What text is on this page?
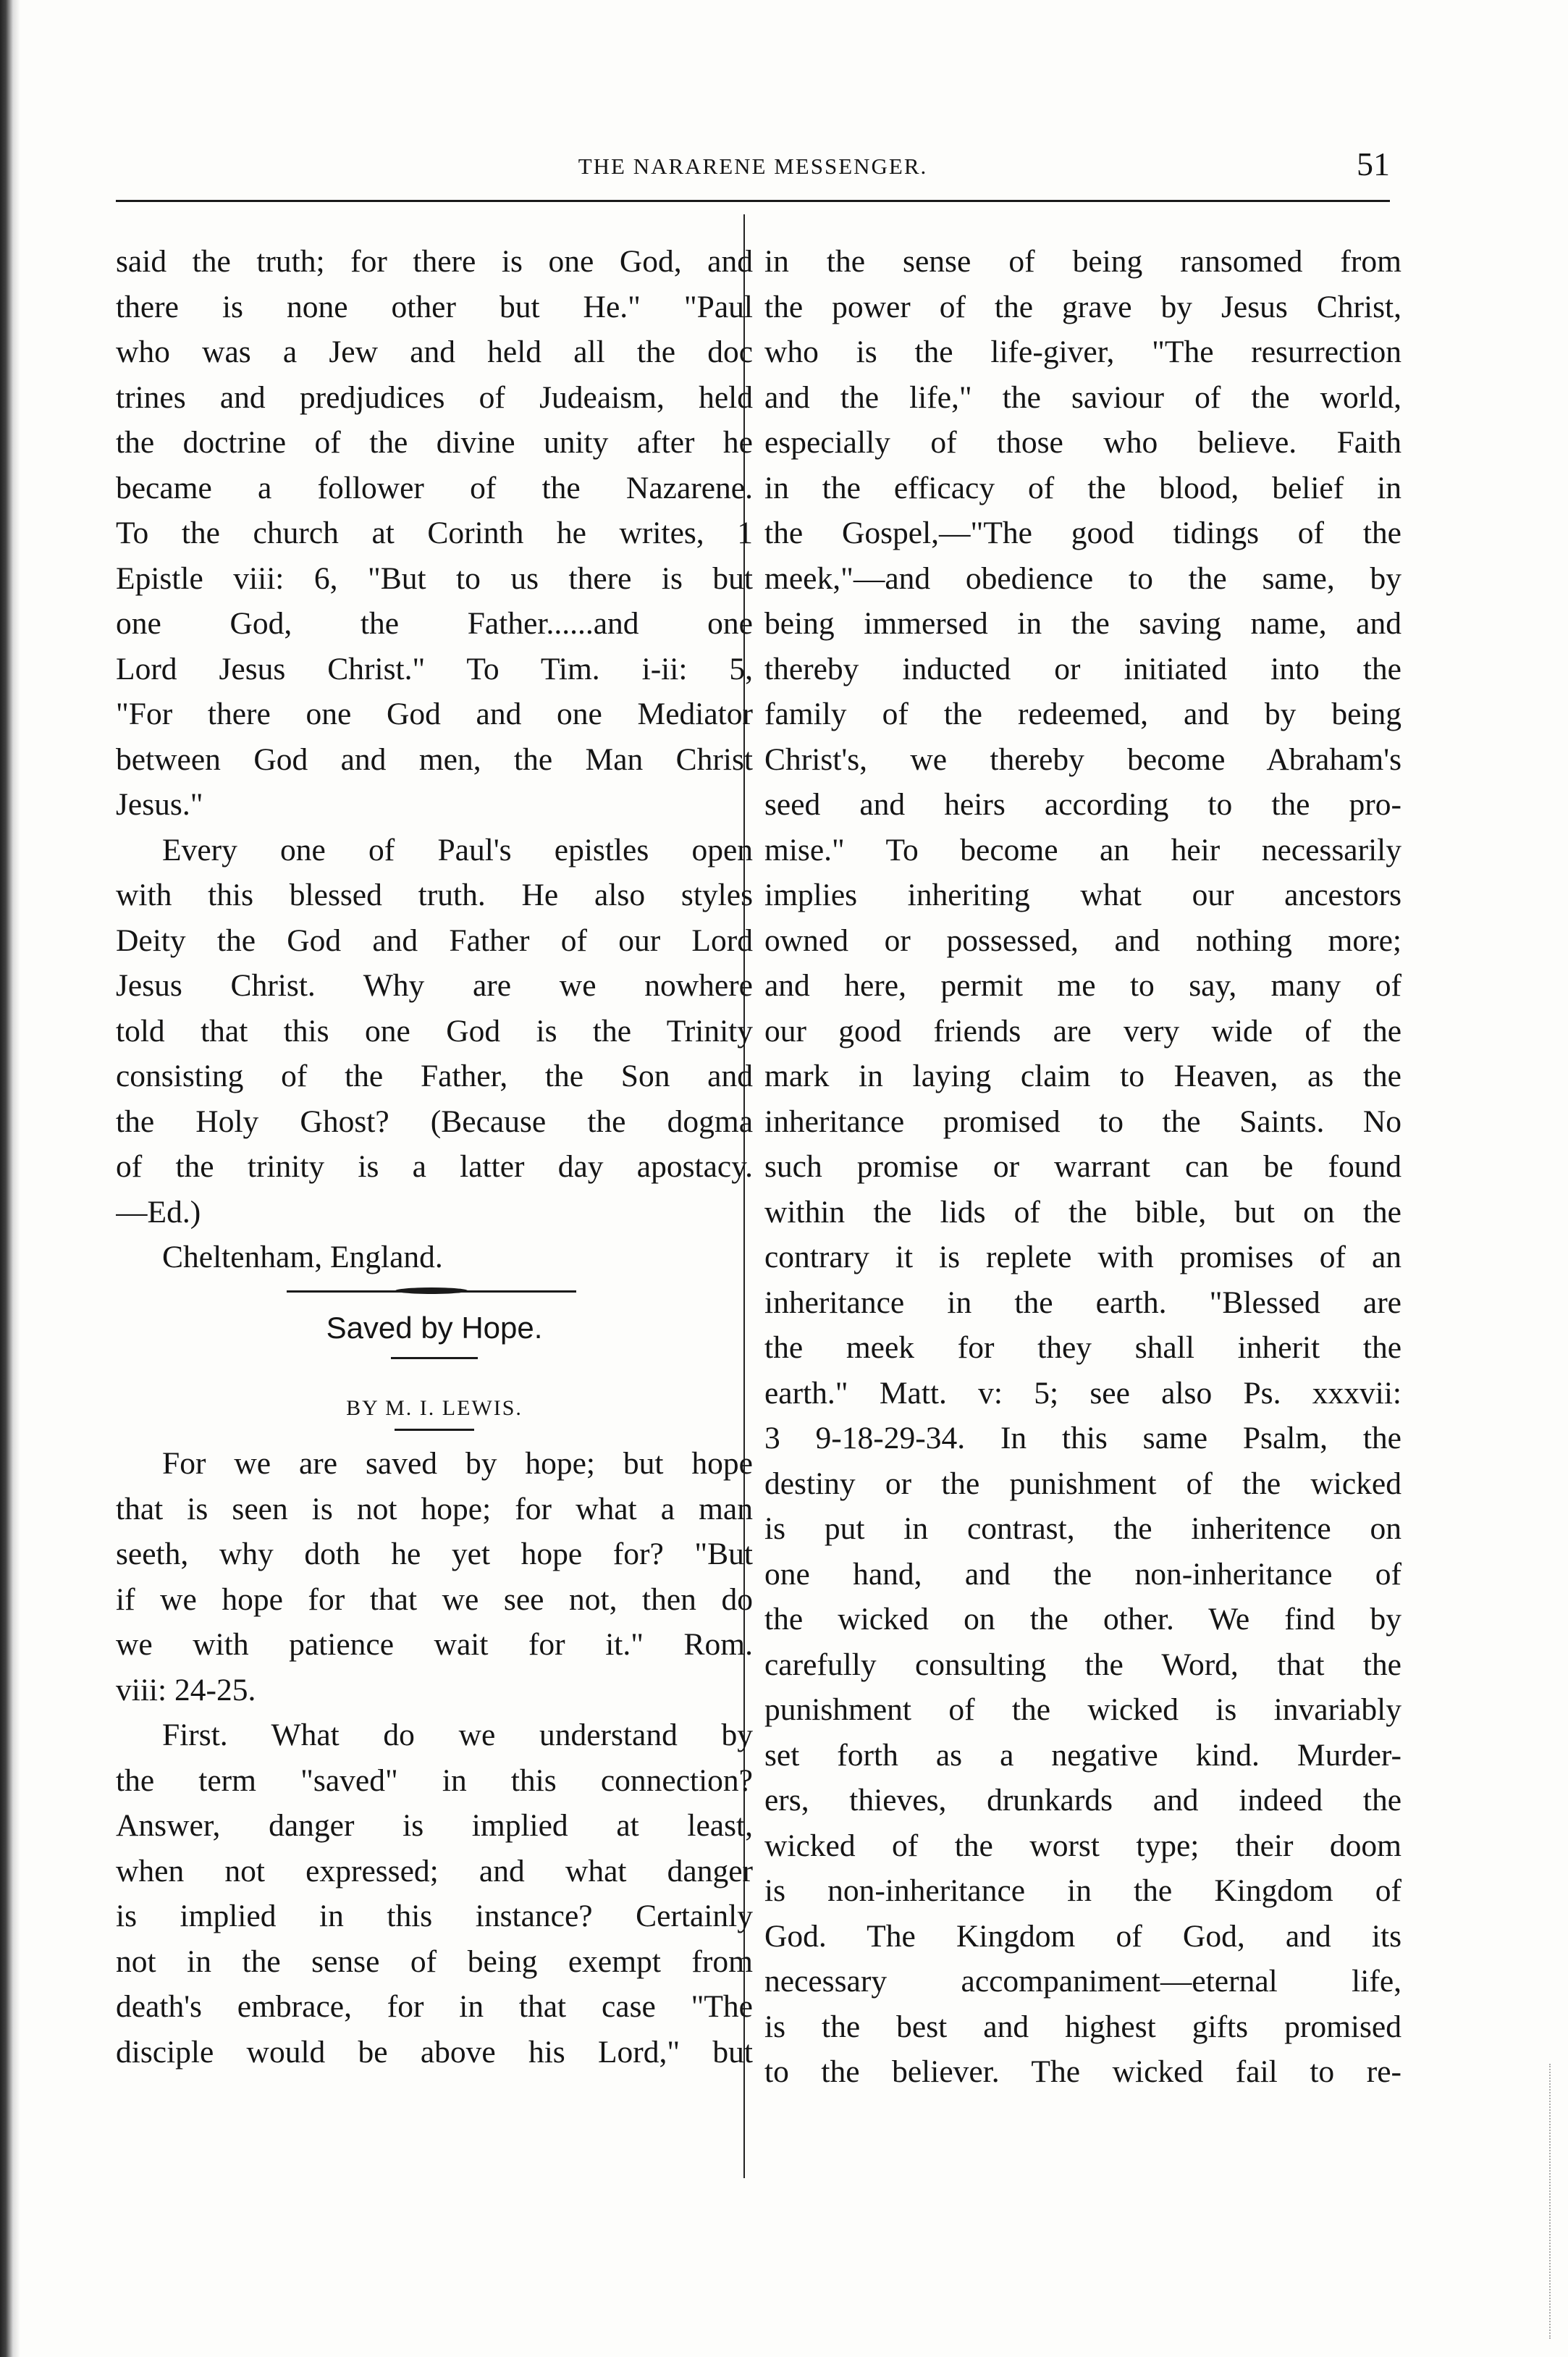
THE NARARENE MESSENGER.	51
said the truth; for there is one God, and
there is none other but He." "Paul
who was a Jew and held all the doc
trines and predjudices of Judeaism, held
the doctrine of the divine unity after he
became a follower of the Nazarene.
To the church at Corinth he writes, 1
Epistle viii: 6, "But to us there is but
one God, the Father......and one
Lord Jesus Christ." To Tim. i-ii: 5,
"For there one God and one Mediator
between God and men, the Man Christ
Jesus."
Every one of Paul's epistles open
with this blessed truth. He also styles
Deity the God and Father of our Lord
Jesus Christ. Why are we nowhere
told that this one God is the Trinity
consisting of the Father, the Son and
the Holy Ghost? (Because the dogma
of the trinity is a latter day apostacy.
—Ed.)
Cheltenham, England.
Saved by Hope.
BY M. I. LEWIS.
For we are saved by hope; but hope
that is seen is not hope; for what a man
seeth, why doth he yet hope for? "But
if we hope for that we see not, then do
we with patience wait for it." Rom.
viii: 24-25.
First. What do we understand by
the term "saved" in this connection?
Answer, danger is implied at least,
when not expressed; and what danger
is implied in this instance? Certainly
not in the sense of being exempt from
death's embrace, for in that case "The
disciple would be above his Lord," but
in the sense of being ransomed from
the power of the grave by Jesus Christ,
who is the life-giver, "The resurrection
and the life," the saviour of the world,
especially of those who believe. Faith
in the efficacy of the blood, belief in
the Gospel,—"The good tidings of the
meek,"—and obedience to the same, by
being immersed in the saving name, and
thereby inducted or initiated into the
family of the redeemed, and by being
Christ's, we thereby become Abraham's
seed and heirs according to the pro-
mise." To become an heir necessarily
implies inheriting what our ancestors
owned or possessed, and nothing more;
and here, permit me to say, many of
our good friends are very wide of the
mark in laying claim to Heaven, as the
inheritance promised to the Saints. No
such promise or warrant can be found
within the lids of the bible, but on the
contrary it is replete with promises of an
inheritance in the earth. "Blessed are
the meek for they shall inherit the
earth." Matt. v: 5; see also Ps. xxxvii:
3 9-18-29-34. In this same Psalm, the
destiny or the punishment of the wicked
is put in contrast, the inheritence on
one hand, and the non-inheritance of
the wicked on the other. We find by
carefully consulting the Word, that the
punishment of the wicked is invariably
set forth as a negative kind. Murder-
ers, thieves, drunkards and indeed the
wicked of the worst type; their doom
is non-inheritance in the Kingdom of
God. The Kingdom of God, and its
necessary accompaniment—eternal life,
is the best and highest gifts promised
to the believer. The wicked fail to re-
